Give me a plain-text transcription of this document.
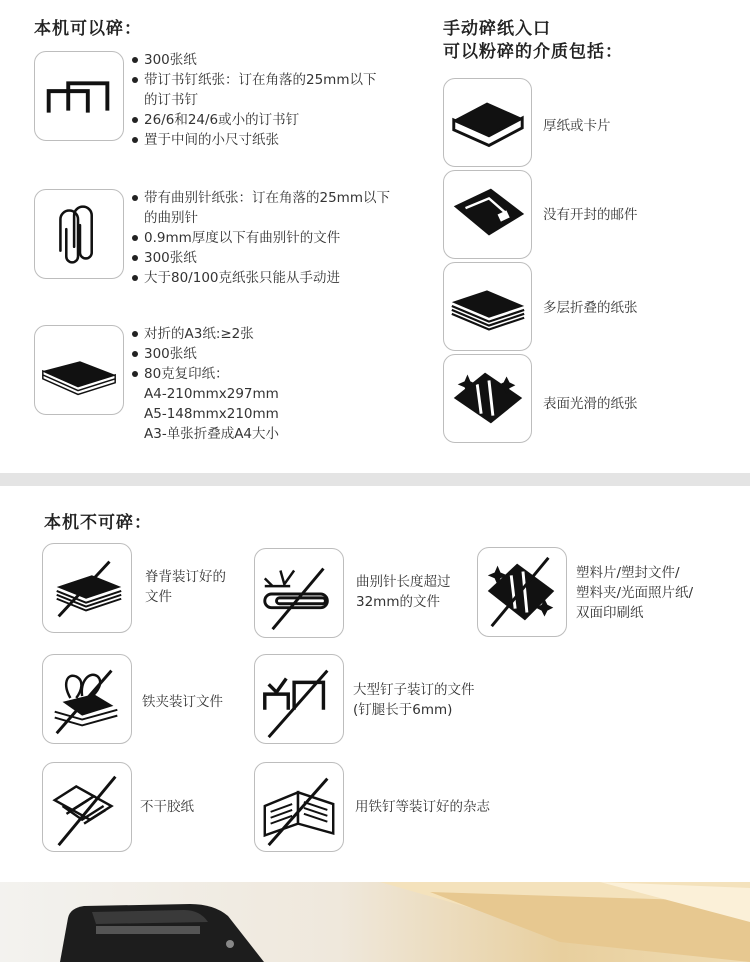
本机可以碎：
300张纸
带订书钉纸张：订在角落的25mm以下
的订书钉
26/6和24/6或小的订书钉
置于中间的小尺寸纸张
带有曲别针纸张：订在角落的25mm以下
的曲别针
0.9mm厚度以下有曲别针的文件
300张纸
大于80/100克纸张只能从手动进
对折的A3纸:≥2张
300张纸
80克复印纸：
A4-210mmx297mm
A5-148mmx210mm
A3-单张折叠成A4大小
手动碎纸入口
可以粉碎的介质包括：
厚纸或卡片
没有开封的邮件
多层折叠的纸张
表面光滑的纸张
本机不可碎：
脊背装订好的
文件
曲别针长度超过
32mm的文件
塑料片/塑封文件/
塑料夹/光面照片纸/
双面印刷纸
铁夹装订文件
大型钉子装订的文件
(钉腿长于6mm)
不干胶纸	用铁钉等装订好的杂志
